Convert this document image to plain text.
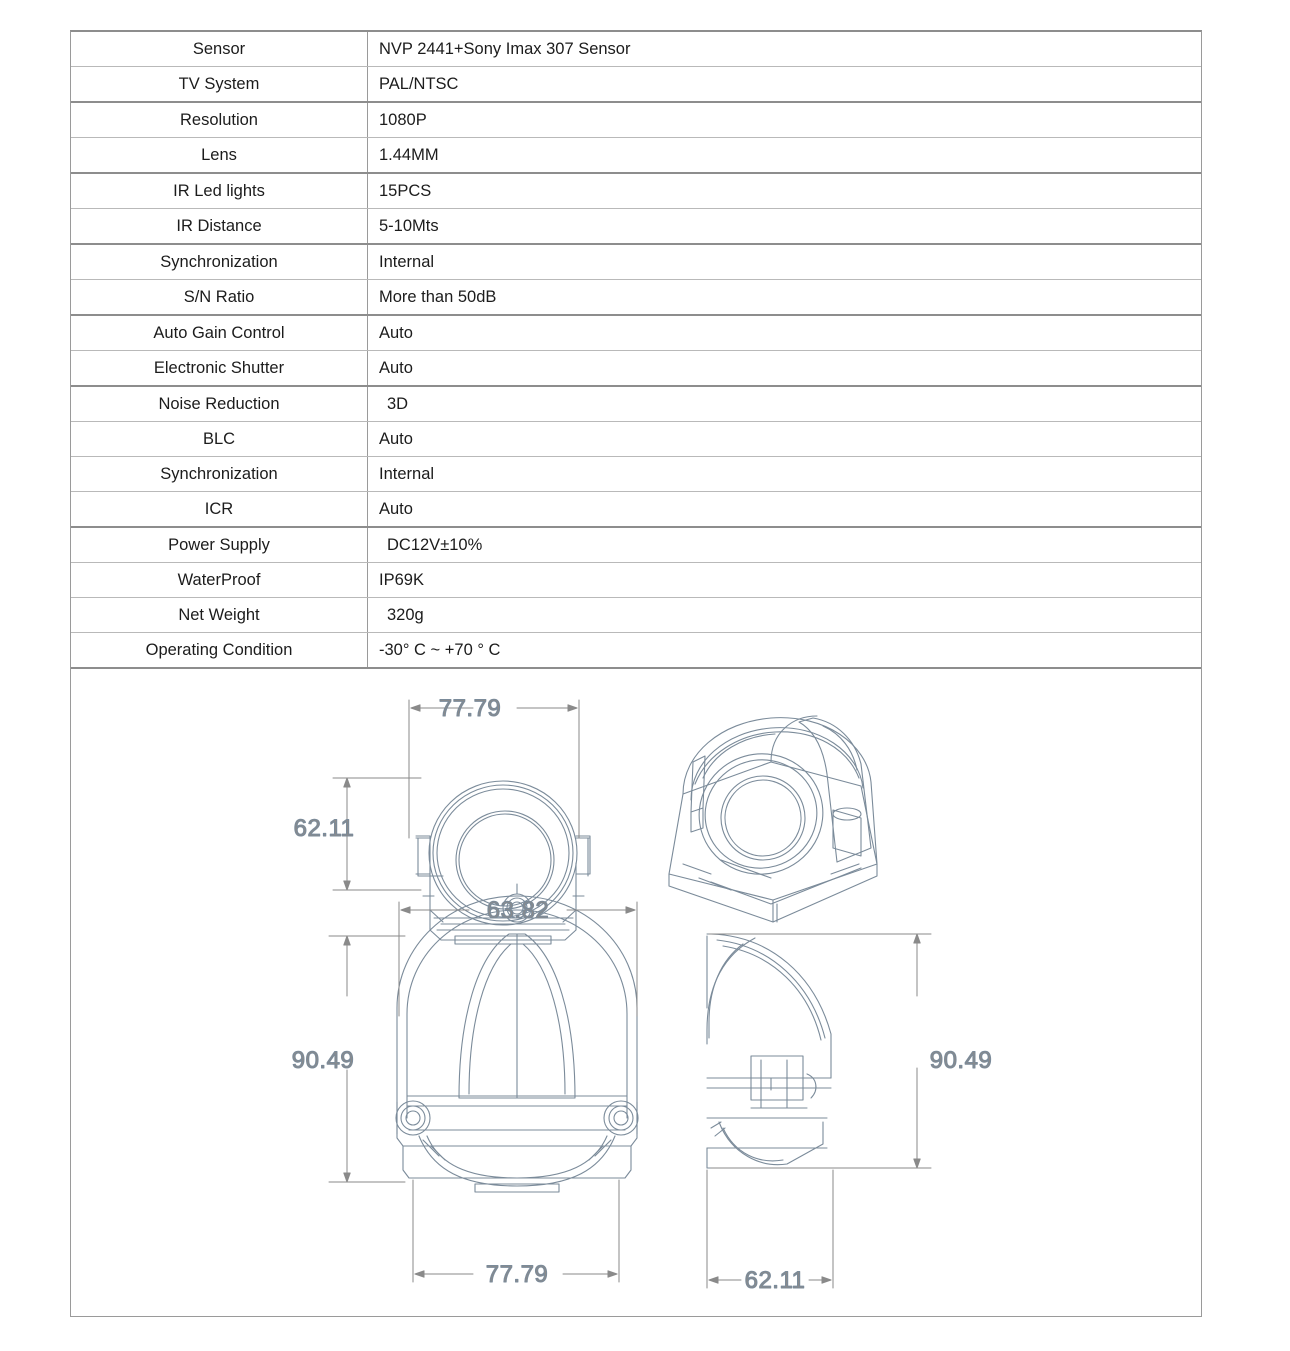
Sensor	NVP 2441+Sony Imax 307 Sensor
TV System	PAL/NTSC
Resolution	1080P
Lens	1.44MM
IR Led lights	15PCS
IR Distance	5-10Mts
Synchronization	Internal
S/N Ratio	More than 50dB
Auto Gain Control	Auto
Electronic Shutter	Auto
Noise Reduction	3D
BLC	Auto
Synchronization	Internal
ICR	Auto
Power Supply	DC12V±10%
WaterProof	IP69K
Net Weight	320g
Operating Condition	-30° C ~ +70 ° C
77.79
62.11
63.82
90.49
77.79
90.49
62.11
